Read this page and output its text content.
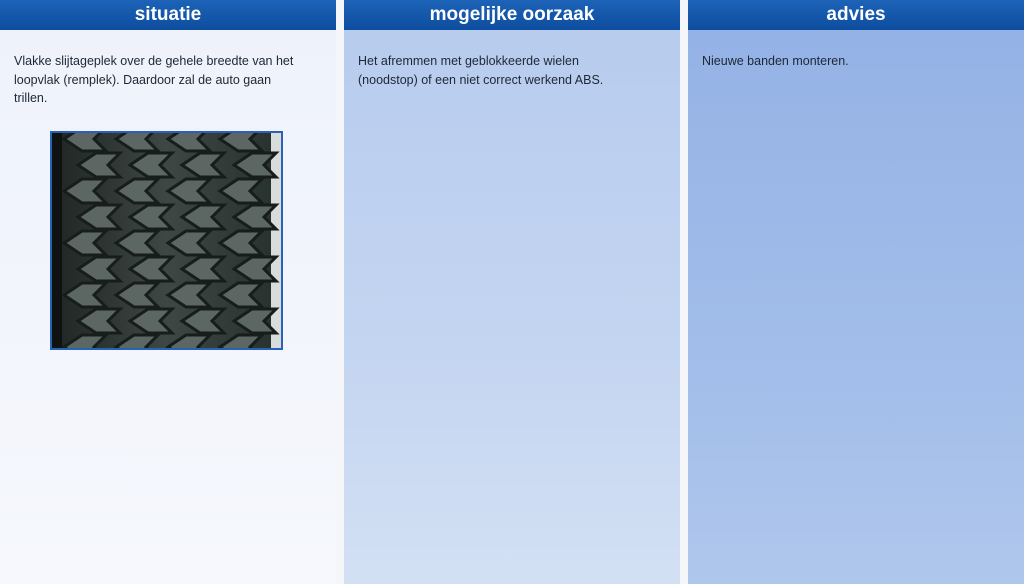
situatie
Vlakke slijtageplek over de gehele breedte van het loopvlak (remplek). Daardoor zal de auto gaan trillen.
mogelijke oorzaak
Het afremmen met geblokkeerde wielen (noodstop) of een niet correct werkend ABS.
advies
Nieuwe banden monteren.
